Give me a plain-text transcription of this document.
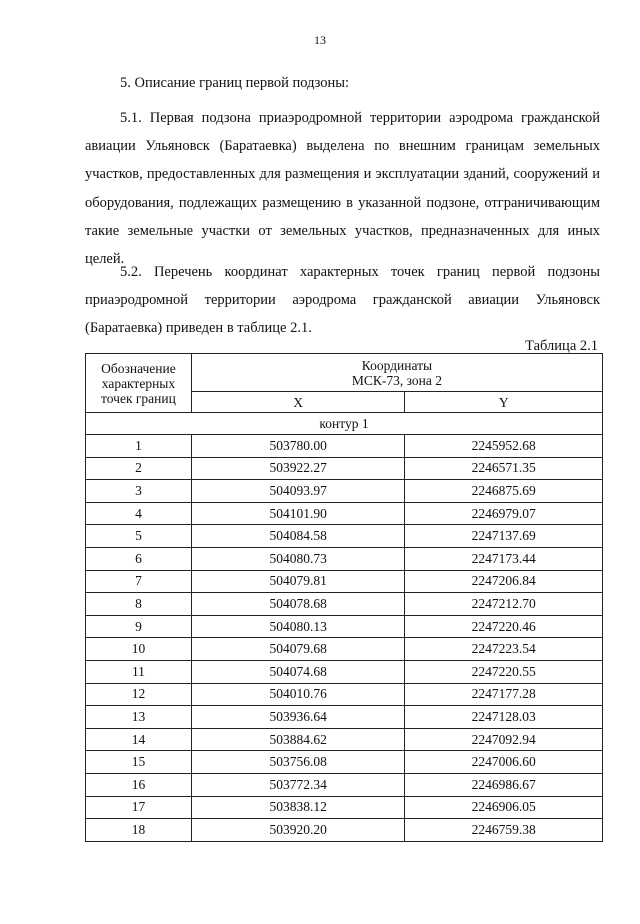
13
5. Описание границ первой подзоны:

5.1. Первая подзона приаэродромной территории аэродрома гражданской авиации Ульяновск (Баратаевка) выделена по внешним границам земельных участков, предоставленных для размещения и эксплуатации зданий, сооружений и оборудования, подлежащих размещению в указанной подзоне, отграничивающим такие земельные участки от земельных участков, предназначенных для иных целей.

5.2. Перечень координат характерных точек границ первой подзоны приаэродромной территории аэродрома гражданской авиации Ульяновск (Баратаевка) приведен в таблице 2.1.

Таблица 2.1
Обозначение характерных точек границ	Координаты
МСК-73, зона 2	
	X	Y
контур 1		
1	503780.00	2245952.68
2	503922.27	2246571.35
3	504093.97	2246875.69
4	504101.90	2246979.07
5	504084.58	2247137.69
6	504080.73	2247173.44
7	504079.81	2247206.84
8	504078.68	2247212.70
9	504080.13	2247220.46
10	504079.68	2247223.54
11	504074.68	2247220.55
12	504010.76	2247177.28
13	503936.64	2247128.03
14	503884.62	2247092.94
15	503756.08	2247006.60
16	503772.34	2246986.67
17	503838.12	2246906.05
18	503920.20	2246759.38
